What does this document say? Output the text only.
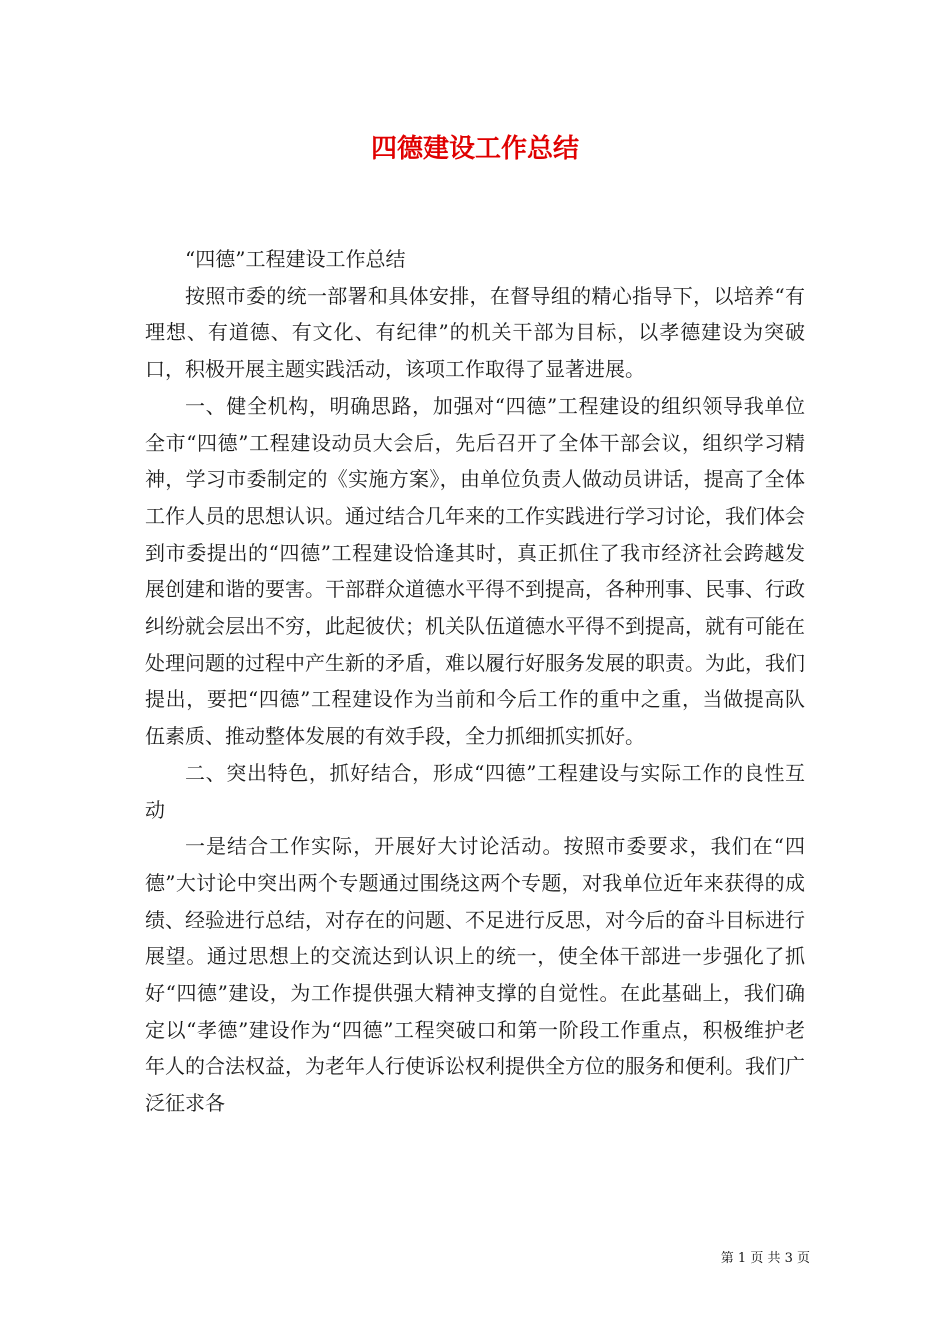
四德建设工作总结

“四德”工程建设工作总结

按照市委的统一部署和具体安排，在督导组的精心指导下，以培养“有理想、有道德、有文化、有纪律”的机关干部为目标，以孝德建设为突破口，积极开展主题实践活动，该项工作取得了显著进展。

一、健全机构，明确思路，加强对“四德”工程建设的组织领导我单位全市“四德”工程建设动员大会后，先后召开了全体干部会议，组织学习精神，学习市委制定的《实施方案》，由单位负责人做动员讲话，提高了全体工作人员的思想认识。通过结合几年来的工作实践进行学习讨论，我们体会到市委提出的“四德”工程建设恰逢其时，真正抓住了我市经济社会跨越发展创建和谐的要害。干部群众道德水平得不到提高，各种刑事、民事、行政纠纷就会层出不穷，此起彼伏；机关队伍道德水平得不到提高，就有可能在处理问题的过程中产生新的矛盾，难以履行好服务发展的职责。为此，我们提出，要把“四德”工程建设作为当前和今后工作的重中之重，当做提高队伍素质、推动整体发展的有效手段，全力抓细抓实抓好。

二、突出特色，抓好结合，形成“四德”工程建设与实际工作的良性互动

一是结合工作实际，开展好大讨论活动。按照市委要求，我们在“四德”大讨论中突出两个专题通过围绕这两个专题，对我单位近年来获得的成绩、经验进行总结，对存在的问题、不足进行反思，对今后的奋斗目标进行展望。通过思想上的交流达到认识上的统一，使全体干部进一步强化了抓好“四德”建设，为工作提供强大精神支撑的自觉性。在此基础上，我们确定以“孝德”建设作为“四德”工程突破口和第一阶段工作重点，积极维护老年人的合法权益，为老年人行使诉讼权利提供全方位的服务和便利。我们广泛征求各

第 1 页 共 3 页
